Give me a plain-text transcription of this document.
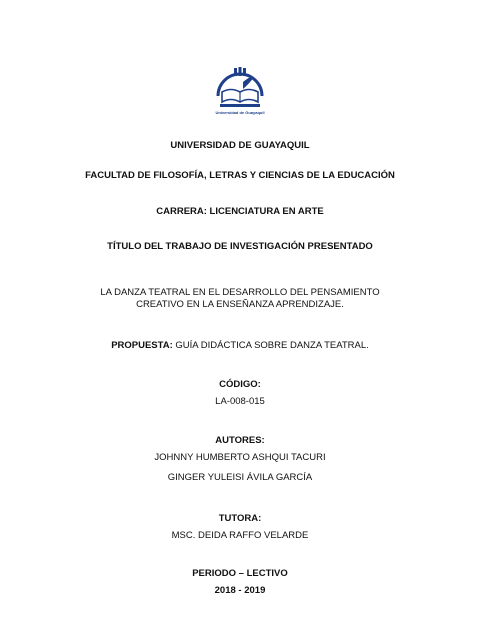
Universidad de Guayaquil
UNIVERSIDAD DE GUAYAQUIL
FACULTAD DE FILOSOFÍA, LETRAS Y CIENCIAS DE LA EDUCACIÓN
CARRERA: LICENCIATURA EN ARTE
TÍTULO DEL TRABAJO DE INVESTIGACIÓN PRESENTADO
LA DANZA TEATRAL EN EL DESARROLLO DEL PENSAMIENTO
CREATIVO EN LA ENSEÑANZA APRENDIZAJE.
PROPUESTA: GUÍA DIDÁCTICA SOBRE DANZA TEATRAL.
CÓDIGO:
LA-008-015
AUTORES:
JOHNNY HUMBERTO ASHQUI TACURI
GINGER YULEISI ÁVILA GARCÍA
TUTORA:
MSC. DEIDA RAFFO VELARDE
PERIODO – LECTIVO
2018 - 2019
